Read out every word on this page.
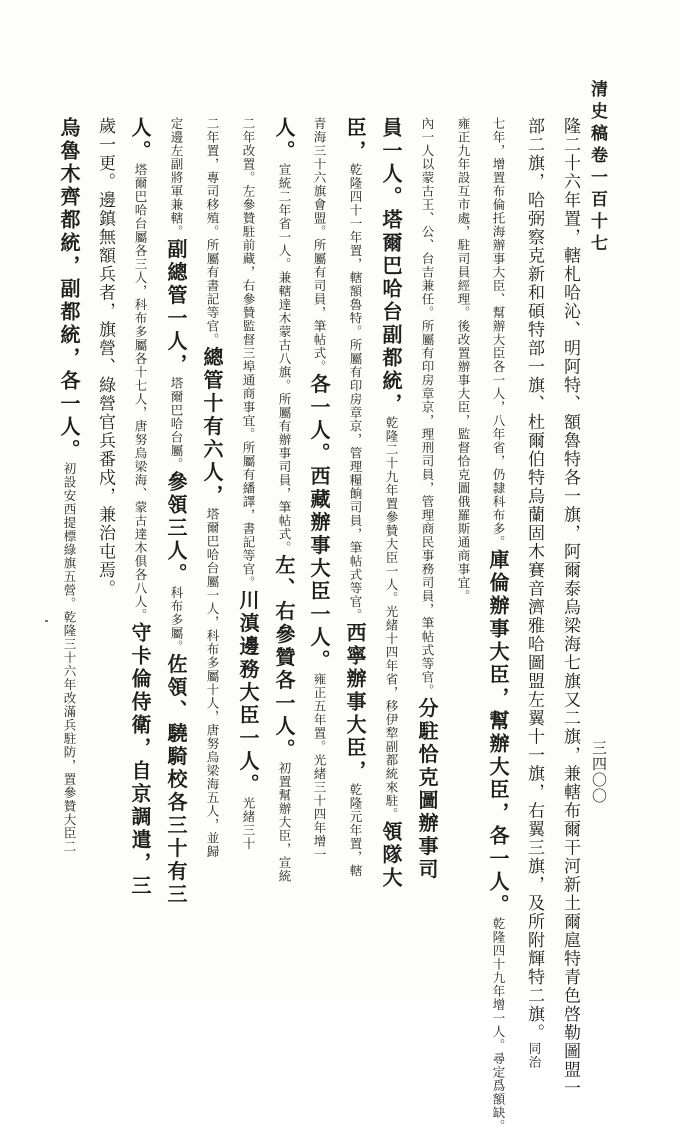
清史稿卷一百十七
三四〇〇
隆二十六年置，轄札哈沁、明阿特、額魯特各一旗，阿爾泰烏梁海七旗又二旗，兼轄布爾干河新土爾扈特青色啓勒圖盟一
部二旗，哈弼察克新和碩特部一旗、杜爾伯特烏蘭固木賽音濟雅哈圖盟左翼十一旗，右翼三旗，及所附輝特二旗。同治
七年，增置布倫托海辦事大臣、幫辦大臣各一人，八年省，仍隸科布多。庫倫辦事大臣，幫辦大臣，各一人。乾隆四十九年增一人。尋定爲額缺。
雍正九年設互市處，駐司員經理。後改置辦事大臣，監督恰克圖俄羅斯通商事宜。
內一人以蒙古王、公、台吉兼任。所屬有印房章京，理刑司員，管理商民事務司員，筆帖式等官。分駐恰克圖辦事司
員一人。塔爾巴哈台副都統，乾隆二十九年置參贊大臣一人。光緒十四年省，移伊犂副都統來駐。領隊大
臣，乾隆四十一年置，轄額魯特。所屬有印房章京，管理糧餉司員，筆帖式等官。西寧辦事大臣，乾隆元年置，轄
青海三十六旗會盟。所屬有司員，筆帖式。各一人。西藏辦事大臣一人。雍正五年置。光緒三十四年增一
人。宣統二年省一人。兼轄達木蒙古八旗。所屬有辦事司員，筆帖式。左、右參贊各一人。初置幫辦大臣，宣統
二年改置。左參贊駐前藏，右參贊監督三埠通商事宜。所屬有繙譯，書記等官。川滇邊務大臣一人。光緒三十
二年置，專司移殖。所屬有書記等官。總管十有六人，塔爾巴哈台屬一人，科布多屬十人，唐努烏梁海五人，並歸
定邊左副將軍兼轄。副總管一人，塔爾巴哈台屬。參領三人。科布多屬。佐領、驍騎校各三十有三
人。塔爾巴哈台屬各三人，科布多屬各十七人，唐努烏梁海、蒙古達木俱各八人。守卡倫侍衛，自京調遣，三
歲一更。邊鎮無額兵者，旗營、綠營官兵番戍，兼治屯焉。
烏魯木齊都統，副都統，各一人。初設安西提標綠旗五營。乾隆三十六年改滿兵駐防，置參贊大臣二
